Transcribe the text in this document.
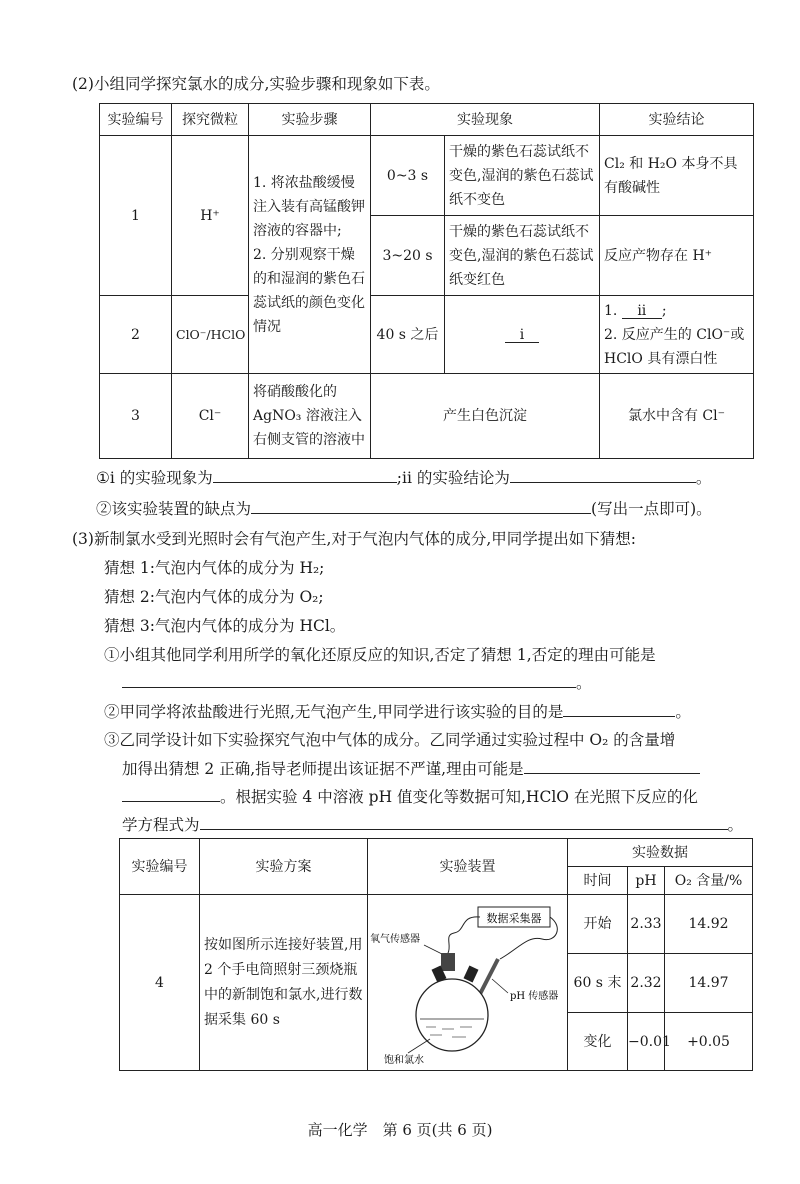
(2)小组同学探究氯水的成分,实验步骤和现象如下表。
实验编号	探究微粒	实验步骤	实验现象		实验结论
1	H⁺	1. 将浓盐酸缓慢注入装有高锰酸钾溶液的容器中;
2. 分别观察干燥的和湿润的紫色石蕊试纸的颜色变化情况	0~3 s	干燥的紫色石蕊试纸不变色,湿润的紫色石蕊试纸不变色	Cl₂ 和 H₂O 本身不具有酸碱性
			3~20 s	干燥的紫色石蕊试纸不变色,湿润的紫色石蕊试纸变红色	反应产物存在 H⁺
2	ClO⁻/HClO		40 s 之后	i	1. ii ;
2. 反应产生的 ClO⁻或 HClO 具有漂白性

3	Cl⁻	将硝酸酸化的 AgNO₃ 溶液注入右侧支管的溶液中	产生白色沉淀		氯水中含有 Cl⁻
①i 的实验现象为	;ii 的实验结论为	。
②该实验装置的缺点为	(写出一点即可)。
(3)新制氯水受到光照时会有气泡产生,对于气泡内气体的成分,甲同学提出如下猜想:
猜想 1:气泡内气体的成分为 H₂;
猜想 2:气泡内气体的成分为 O₂;
猜想 3:气泡内气体的成分为 HCl。
①小组其他同学利用所学的氧化还原反应的知识,否定了猜想 1,否定的理由可能是
。
②甲同学将浓盐酸进行光照,无气泡产生,甲同学进行该实验的目的是	。
③乙同学设计如下实验探究气泡中气体的成分。乙同学通过实验过程中 O₂ 的含量增
加得出猜想 2 正确,指导老师提出该证据不严谨,理由可能是
。根据实验 4 中溶液 pH 值变化等数据可知,HClO 在光照下反应的化
学方程式为	。
实验编号	实验方案	实验装置	实验数据		
			时间	pH	O₂ 含量/%
4	按如图所示连接好装置,用 2 个手电筒照射三颈烧瓶中的新制饱和氯水,进行数据采集 60 s	数据采集器
氧气传感器
pH 传感器
饱和氯水	开始	2.33	14.92
			60 s 末	2.32	14.97
			变化	−0.01	+0.05
高一化学　第 6 页(共 6 页)
